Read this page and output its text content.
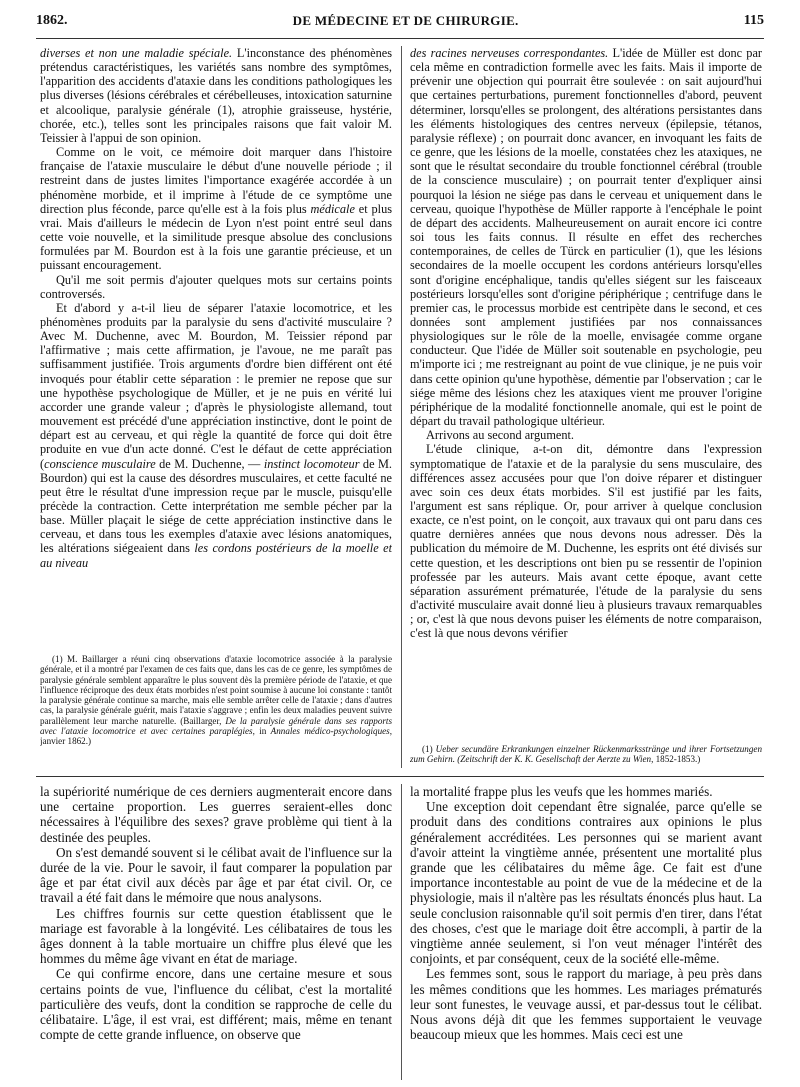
1862.	DE MÉDECINE ET DE CHIRURGIE.	115

diverses et non une maladie spéciale. L'inconstance des phénomènes prétendus caractéristiques, les variétés sans nombre des symptômes, l'apparition des accidents d'ataxie dans les conditions pathologiques les plus diverses (lésions cérébrales et cérébelleuses, intoxication saturnine et alcoolique, paralysie générale (1), atrophie graisseuse, hystérie, chorée, etc.), telles sont les principales raisons que fait valoir M. Teissier à l'appui de son opinion.

Comme on le voit, ce mémoire doit marquer dans l'histoire française de l'ataxie musculaire le début d'une nouvelle période ; il restreint dans de justes limites l'importance exagérée accordée à un phénomène morbide, et il imprime à l'étude de ce symptôme une direction plus féconde, parce qu'elle est à la fois plus médicale et plus vrai. Mais d'ailleurs le médecin de Lyon n'est point entré seul dans cette voie nouvelle, et la similitude presque absolue des conclusions formulées par M. Bourdon est à la fois une garantie précieuse, et un puissant encouragement.

Qu'il me soit permis d'ajouter quelques mots sur certains points controversés.

Et d'abord y a-t-il lieu de séparer l'ataxie locomotrice, et les phénomènes produits par la paralysie du sens d'activité musculaire ? Avec M. Duchenne, avec M. Bourdon, M. Teissier répond par l'affirmative ; mais cette affirmation, je l'avoue, ne me paraît pas suffisamment justifiée. Trois arguments d'ordre bien différent ont été invoqués pour établir cette séparation : le premier ne repose que sur une hypothèse psychologique de Müller, et je ne puis en vérité lui accorder une grande valeur ; d'après le physiologiste allemand, tout mouvement est précédé d'une appréciation instinctive, dont le point de départ est au cerveau, et qui règle la quantité de force qui doit être produite en vue d'un acte donné. C'est le défaut de cette appréciation (conscience musculaire de M. Duchenne, — instinct locomoteur de M. Bourdon) qui est la cause des désordres musculaires, et cette faculté ne peut être le résultat d'une impression reçue par le muscle, puisqu'elle précède la contraction. Cette interprétation me semble pécher par la base. Müller plaçait le siége de cette appréciation instinctive dans le cerveau, et dans tous les exemples d'ataxie avec lésions anatomiques, les altérations siégeaient dans les cordons postérieurs de la moelle et au niveau

(1) M. Baillarger a réuni cinq observations d'ataxie locomotrice associée à la paralysie générale, et il a montré par l'examen de ces faits que, dans les cas de ce genre, les symptômes de paralysie générale semblent apparaître le plus souvent dès la première période de l'ataxie, et que l'influence réciproque des deux états morbides n'est point soumise à aucune loi constante : tantôt la paralysie générale continue sa marche, mais elle semble arrêter celle de l'ataxie ; dans d'autres cas, la paralysie générale guérit, mais l'ataxie s'aggrave ; enfin les deux maladies peuvent suivre parallèlement leur marche naturelle. (Baillarger, De la paralysie générale dans ses rapports avec l'ataxie locomotrice et avec certaines paraplégies, in Annales médico-psychologiques, janvier 1862.)

des racines nerveuses correspondantes. L'idée de Müller est donc par cela même en contradiction formelle avec les faits. Mais il importe de prévenir une objection qui pourrait être soulevée : on sait aujourd'hui que certaines perturbations, purement fonctionnelles d'abord, peuvent déterminer, lorsqu'elles se prolongent, des altérations persistantes dans les éléments histologiques des centres nerveux (épilepsie, tétanos, paralysie réflexe) ; on pourrait donc avancer, en invoquant les faits de ce genre, que les lésions de la moelle, constatées chez les ataxiques, ne sont que le résultat secondaire du trouble fonctionnel cérébral (trouble de la conscience musculaire) ; on pourrait tenter d'expliquer ainsi pourquoi la lésion ne siége pas dans le cerveau et uniquement dans le cerveau, quoique l'hypothèse de Müller rapporte à l'encéphale le point de départ des accidents. Malheureusement on aurait encore ici contre soi tous les faits connus. Il résulte en effet des recherches contemporaines, de celles de Türck en particulier (1), que les lésions secondaires de la moelle occupent les cordons antérieurs lorsqu'elles sont d'origine encéphalique, tandis qu'elles siégent sur les faisceaux postérieurs lorsqu'elles sont d'origine périphérique ; centrifuge dans le premier cas, le processus morbide est centripète dans le second, et ces données sont amplement justifiées par nos connaissances physiologiques sur le rôle de la moelle, envisagée comme organe conducteur. Que l'idée de Müller soit soutenable en psychologie, peu m'importe ici ; me restreignant au point de vue clinique, je ne puis voir dans cette opinion qu'une hypothèse, démentie par l'observation ; car le siége même des lésions chez les ataxiques vient me prouver l'origine périphérique de la modalité fonctionnelle anomale, qui est le point de départ du travail pathologique ultérieur.

Arrivons au second argument.

L'étude clinique, a-t-on dit, démontre dans l'expression symptomatique de l'ataxie et de la paralysie du sens musculaire, des différences assez accusées pour que l'on doive réparer et distinguer avec soin ces deux états morbides. S'il est justifié par les faits, l'argument est sans réplique. Or, pour arriver à quelque conclusion exacte, ce n'est point, on le conçoit, aux travaux qui ont paru dans ces quatre dernières années que nous devons nous adresser. Dès la publication du mémoire de M. Duchenne, les esprits ont été divisés sur cette question, et les descriptions ont bien pu se ressentir de l'opinion professée par les auteurs. Mais avant cette époque, avant cette séparation assurément prématurée, l'étude de la paralysie du sens d'activité musculaire avait donné lieu à plusieurs travaux remarquables ; or, c'est là que nous devons puiser les éléments de notre comparaison, c'est là que nous devons vérifier

(1) Ueber secundäre Erkrankungen einzelner Rückenmarksstränge und ihrer Fortsetzungen zum Gehirn. (Zeitschrift der K. K. Gesellschaft der Aerzte zu Wien, 1852-1853.)

la supériorité numérique de ces derniers augmenterait encore dans une certaine proportion. Les guerres seraient-elles donc nécessaires à l'équilibre des sexes? grave problème qui tient à la destinée des peuples.

On s'est demandé souvent si le célibat avait de l'influence sur la durée de la vie. Pour le savoir, il faut comparer la population par âge et par état civil aux décès par âge et par état civil. Or, ce travail a été fait dans le mémoire que nous analysons.

Les chiffres fournis sur cette question établissent que le mariage est favorable à la longévité. Les célibataires de tous les âges donnent à la table mortuaire un chiffre plus élevé que les hommes du même âge vivant en état de mariage.

Ce qui confirme encore, dans une certaine mesure et sous certains points de vue, l'influence du célibat, c'est la mortalité particulière des veufs, dont la condition se rapproche de celle du célibataire. L'âge, il est vrai, est différent; mais, même en tenant compte de cette grande influence, on observe que

la mortalité frappe plus les veufs que les hommes mariés.

Une exception doit cependant être signalée, parce qu'elle se produit dans des conditions contraires aux opinions le plus généralement accréditées. Les personnes qui se marient avant d'avoir atteint la vingtième année, présentent une mortalité plus grande que les célibataires du même âge. Ce fait est d'une importance incontestable au point de vue de la médecine et de la physiologie, mais il n'altère pas les résultats énoncés plus haut. La seule conclusion raisonnable qu'il soit permis d'en tirer, dans l'état des choses, c'est que le mariage doit être accompli, à partir de la vingtième année seulement, si l'on veut ménager l'intérêt des conjoints, et par conséquent, ceux de la société elle-même.

Les femmes sont, sous le rapport du mariage, à peu près dans les mêmes conditions que les hommes. Les mariages prématurés leur sont funestes, le veuvage aussi, et par-dessus tout le célibat. Nous avons déjà dit que les femmes supportaient le veuvage beaucoup mieux que les hommes. Mais ceci est une
